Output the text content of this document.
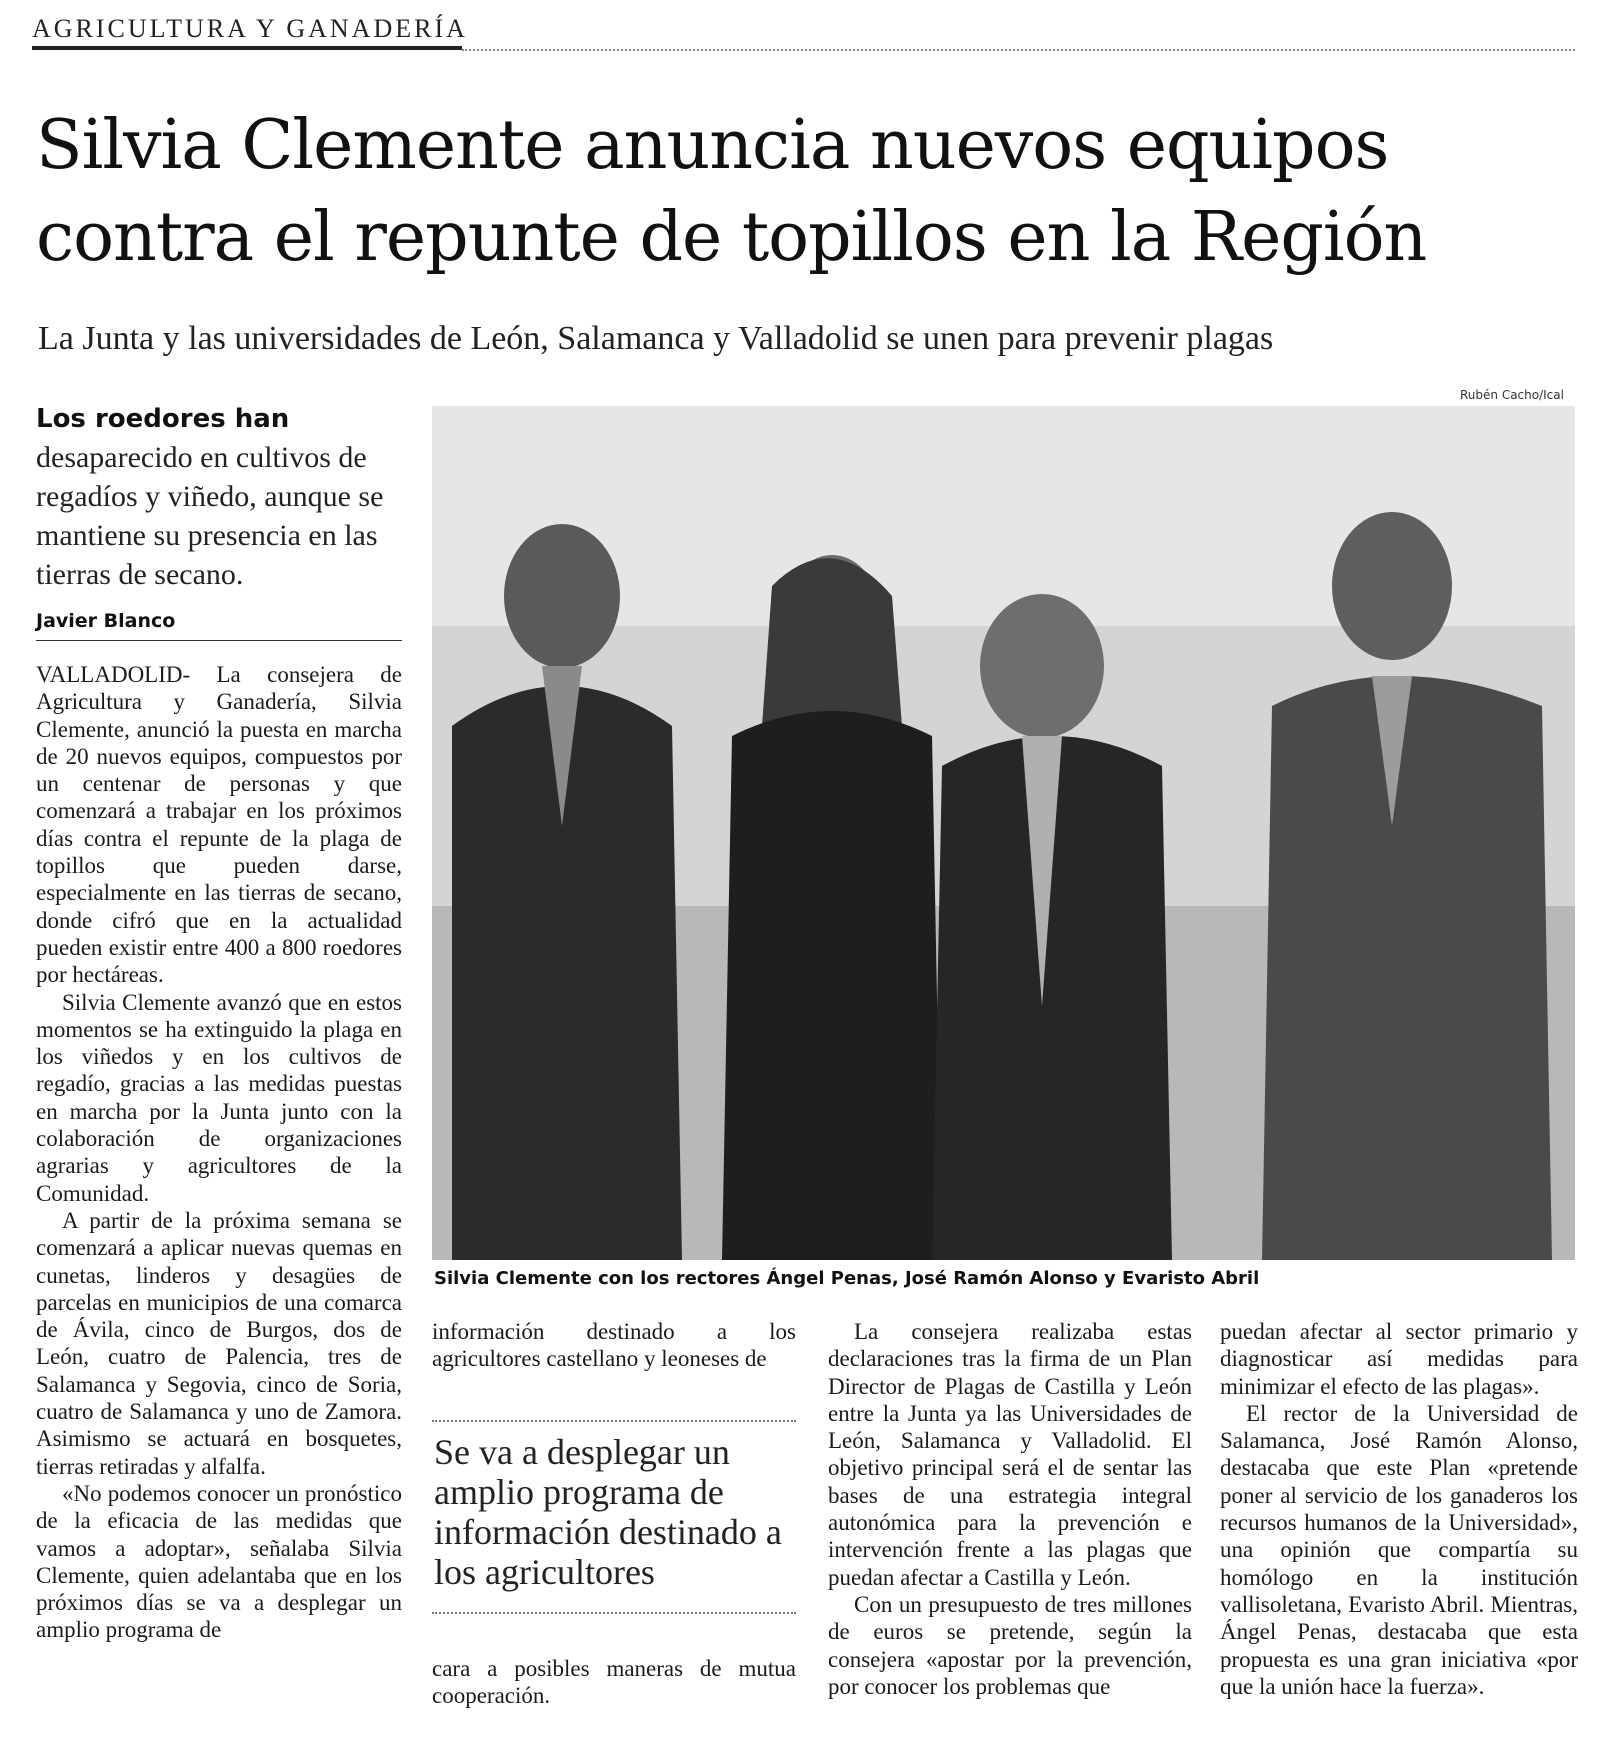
AGRICULTURA Y GANADERÍA
Silvia Clemente anuncia nuevos equipos
contra el repunte de topillos en la Región
La Junta y las universidades de León, Salamanca y Valladolid se unen para prevenir plagas

Los roedores han

desaparecido en cultivos de regadíos y viñedo, aunque se mantiene su presencia en las tierras de secano.

Javier Blanco

VALLADOLID- La consejera de Agricultura y Ganadería, Silvia Clemente, anunció la puesta en marcha de 20 nuevos equipos, compuestos por un centenar de personas y que comenzará a trabajar en los próximos días contra el repunte de la plaga de topillos que pueden darse, especialmente en las tierras de secano, donde cifró que en la actualidad pueden existir entre 400 a 800 roedores por hectáreas.

Silvia Clemente avanzó que en estos momentos se ha extinguido la plaga en los viñedos y en los cultivos de regadío, gracias a las medidas puestas en marcha por la Junta junto con la colaboración de organizaciones agrarias y agricultores de la Comunidad.

A partir de la próxima semana se comenzará a aplicar nuevas quemas en cunetas, linderos y desagües de parcelas en municipios de una comarca de Ávila, cinco de Burgos, dos de León, cuatro de Palencia, tres de Salamanca y Segovia, cinco de Soria, cuatro de Salamanca y uno de Zamora. Asimismo se actuará en bosquetes, tierras retiradas y alfalfa.

«No podemos conocer un pronóstico de la eficacia de las medidas que vamos a adoptar», señalaba Silvia Clemente, quien adelantaba que en los próximos días se va a desplegar un amplio programa de

Rubén Cacho/Ical
Silvia Clemente con los rectores Ángel Penas, José Ramón Alonso y Evaristo Abril

información destinado a los agricultores castellano y leoneses de

Se va a desplegar un amplio programa de información destinado a los agricultores

cara a posibles maneras de mutua cooperación.

La consejera realizaba estas declaraciones tras la firma de un Plan Director de Plagas de Castilla y León entre la Junta ya las Universidades de León, Salamanca y Valladolid. El objetivo principal será el de sentar las bases de una estrategia integral autonómica para la prevención e intervención frente a las plagas que puedan afectar a Castilla y León.

Con un presupuesto de tres millones de euros se pretende, según la consejera «apostar por la prevención, por conocer los problemas que

puedan afectar al sector primario y diagnosticar así medidas para minimizar el efecto de las plagas».

El rector de la Universidad de Salamanca, José Ramón Alonso, destacaba que este Plan «pretende poner al servicio de los ganaderos los recursos humanos de la Universidad», una opinión que compartía su homólogo en la institución vallisoletana, Evaristo Abril. Mientras, Ángel Penas, destacaba que esta propuesta es una gran iniciativa «por que la unión hace la fuerza».
